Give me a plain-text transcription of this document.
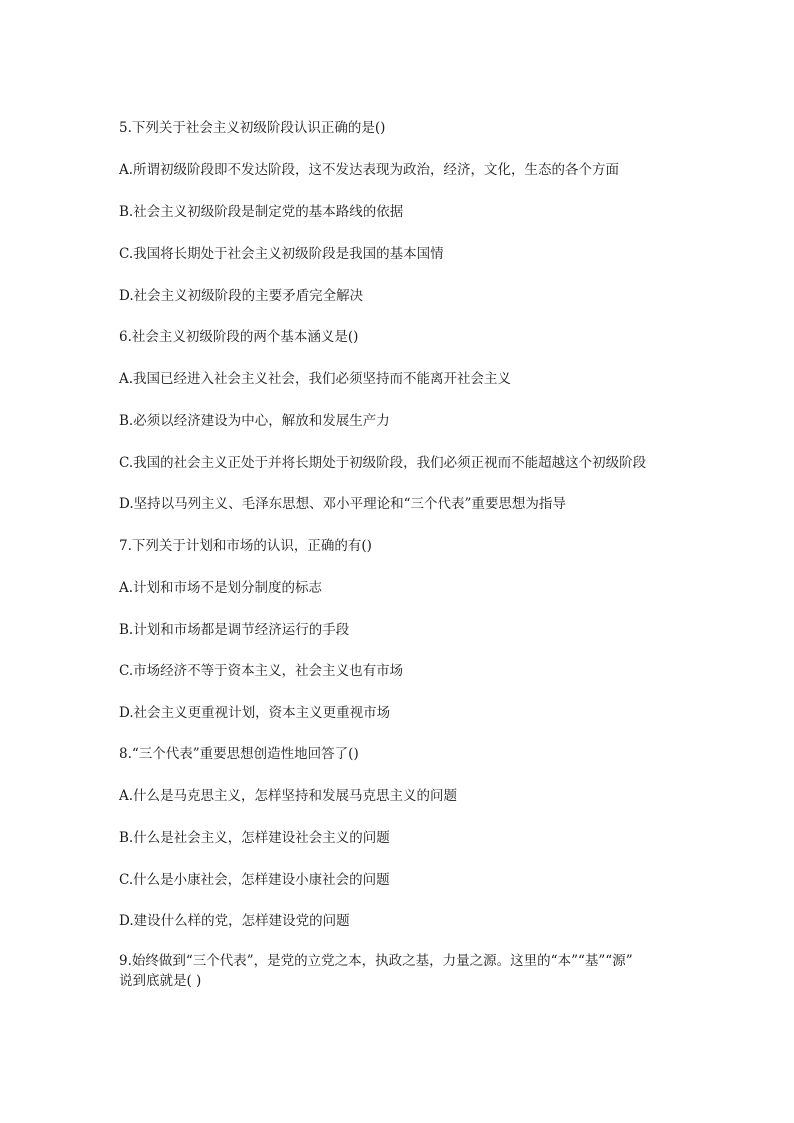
5.下列关于社会主义初级阶段认识正确的是()
A.所谓初级阶段即不发达阶段，这不发达表现为政治，经济，文化，生态的各个方面
B.社会主义初级阶段是制定党的基本路线的依据
C.我国将长期处于社会主义初级阶段是我国的基本国情
D.社会主义初级阶段的主要矛盾完全解决
6.社会主义初级阶段的两个基本涵义是()
A.我国已经进入社会主义社会，我们必须坚持而不能离开社会主义
B.必须以经济建设为中心，解放和发展生产力
C.我国的社会主义正处于并将长期处于初级阶段，我们必须正视而不能超越这个初级阶段
D.坚持以马列主义、毛泽东思想、邓小平理论和“三个代表”重要思想为指导
7.下列关于计划和市场的认识，正确的有()
A.计划和市场不是划分制度的标志
B.计划和市场都是调节经济运行的手段
C.市场经济不等于资本主义，社会主义也有市场
D.社会主义更重视计划，资本主义更重视市场
8.“三个代表”重要思想创造性地回答了()
A.什么是马克思主义，怎样坚持和发展马克思主义的问题
B.什么是社会主义，怎样建设社会主义的问题
C.什么是小康社会，怎样建设小康社会的问题
D.建设什么样的党，怎样建设党的问题
9.始终做到“三个代表”，是党的立党之本，执政之基，力量之源。这里的“本”“基”“源”
说到底就是( )
